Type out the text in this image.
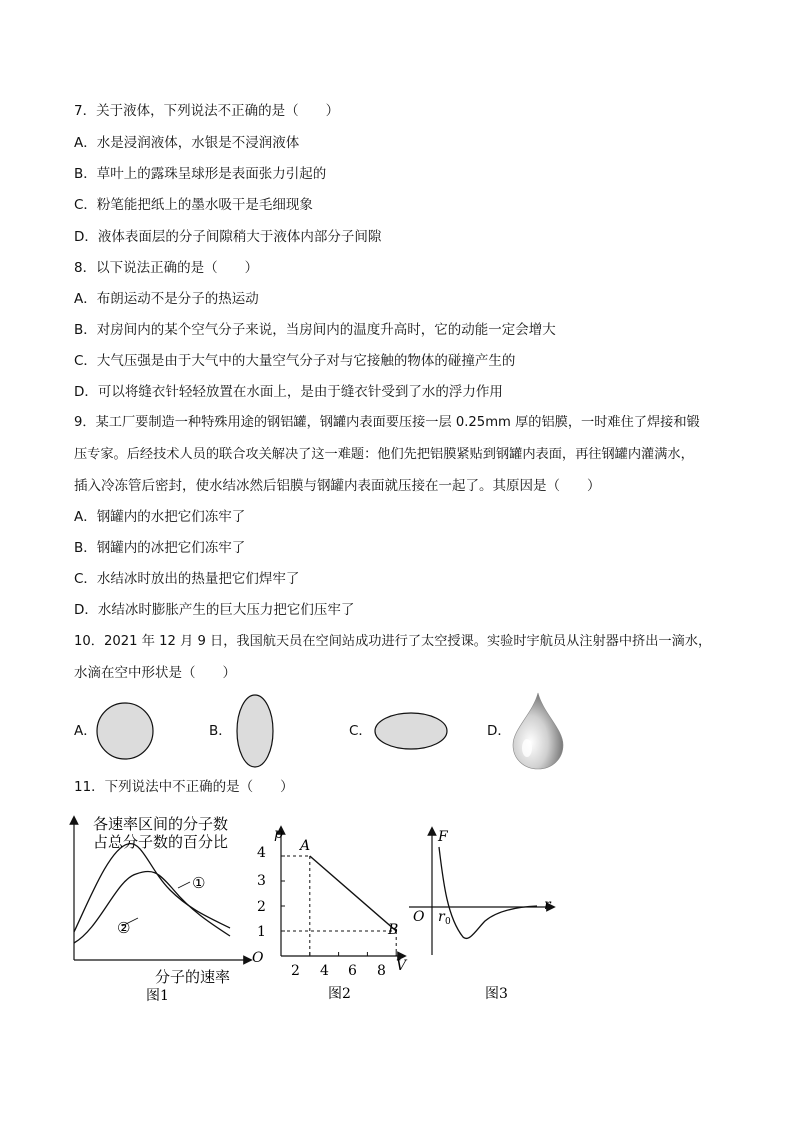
7．关于液体，下列说法不正确的是（　　）
A．水是浸润液体，水银是不浸润液体
B．草叶上的露珠呈球形是表面张力引起的
C．粉笔能把纸上的墨水吸干是毛细现象
D．液体表面层的分子间隙稍大于液体内部分子间隙
8．以下说法正确的是（　　）
A．布朗运动不是分子的热运动
B．对房间内的某个空气分子来说，当房间内的温度升高时，它的动能一定会增大
C．大气压强是由于大气中的大量空气分子对与它接触的物体的碰撞产生的
D．可以将缝衣针轻轻放置在水面上，是由于缝衣针受到了水的浮力作用
9．某工厂要制造一种特殊用途的钢铝罐，钢罐内表面要压接一层 0.25mm 厚的铝膜，一时难住了焊接和锻
压专家。后经技术人员的联合攻关解决了这一难题：他们先把铝膜紧贴到钢罐内表面，再往钢罐内灌满水，
插入冷冻管后密封，使水结冰然后铝膜与钢罐内表面就压接在一起了。其原因是（　　）
A．钢罐内的水把它们冻牢了
B．钢罐内的冰把它们冻牢了
C．水结冰时放出的热量把它们焊牢了
D．水结冰时膨胀产生的巨大压力把它们压牢了
10．2021 年 12 月 9 日，我国航天员在空间站成功进行了太空授课。实验时宇航员从注射器中挤出一滴水，
水滴在空中形状是（　　）
A．	B．	C．	D．
11．下列说法中不正确的是（　　）
各速率区间的分子数
占总分子数的百分比
①
②
分子的速率
图1
p
V
O
A
B
4
3
2
1
2 4 6 8
图2
F
r
O r 0
图3
